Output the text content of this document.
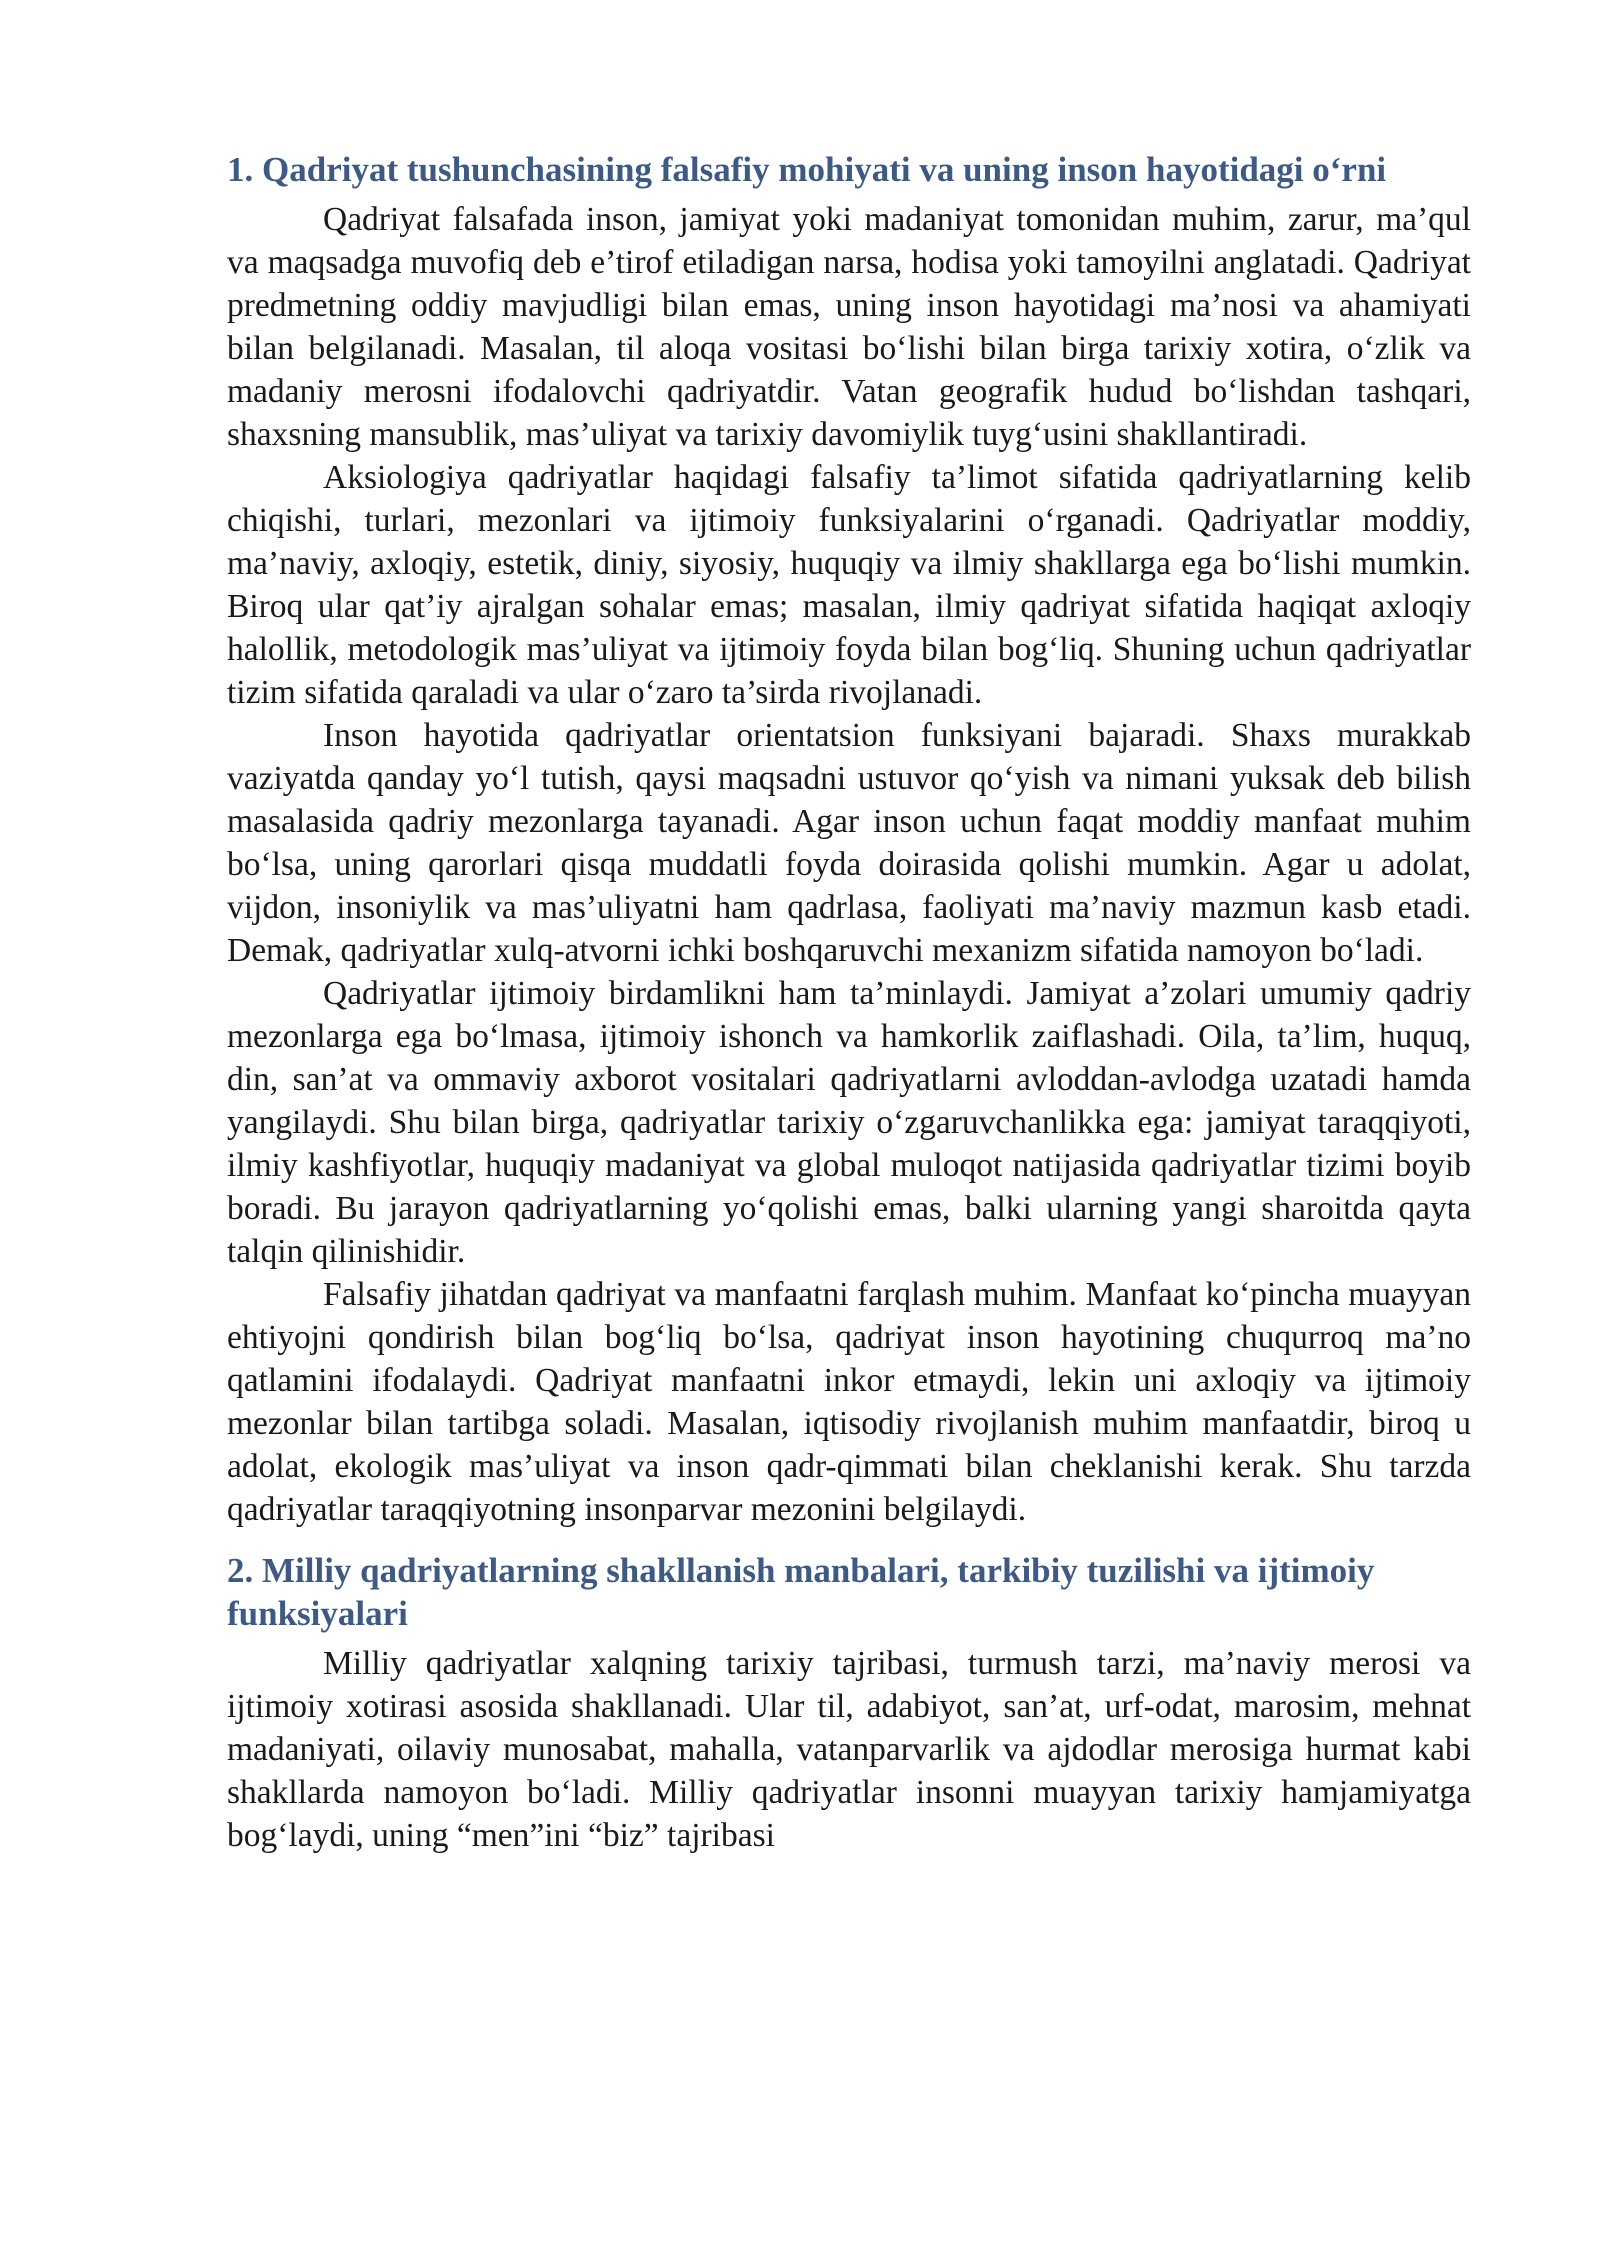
1. Qadriyat tushunchasining falsafiy mohiyati va uning inson hayotidagi o‘rni

Qadriyat falsafada inson, jamiyat yoki madaniyat tomonidan muhim, zarur, ma’qul va maqsadga muvofiq deb e’tirof etiladigan narsa, hodisa yoki tamoyilni anglatadi. Qadriyat predmetning oddiy mavjudligi bilan emas, uning inson hayotidagi ma’nosi va ahamiyati bilan belgilanadi. Masalan, til aloqa vositasi bo‘lishi bilan birga tarixiy xotira, o‘zlik va madaniy merosni ifodalovchi qadriyatdir. Vatan geografik hudud bo‘lishdan tashqari, shaxsning mansublik, mas’uliyat va tarixiy davomiylik tuyg‘usini shakllantiradi.

Aksiologiya qadriyatlar haqidagi falsafiy ta’limot sifatida qadriyatlarning kelib chiqishi, turlari, mezonlari va ijtimoiy funksiyalarini o‘rganadi. Qadriyatlar moddiy, ma’naviy, axloqiy, estetik, diniy, siyosiy, huquqiy va ilmiy shakllarga ega bo‘lishi mumkin. Biroq ular qat’iy ajralgan sohalar emas; masalan, ilmiy qadriyat sifatida haqiqat axloqiy halollik, metodologik mas’uliyat va ijtimoiy foyda bilan bog‘liq. Shuning uchun qadriyatlar tizim sifatida qaraladi va ular o‘zaro ta’sirda rivojlanadi.

Inson hayotida qadriyatlar orientatsion funksiyani bajaradi. Shaxs murakkab vaziyatda qanday yo‘l tutish, qaysi maqsadni ustuvor qo‘yish va nimani yuksak deb bilish masalasida qadriy mezonlarga tayanadi. Agar inson uchun faqat moddiy manfaat muhim bo‘lsa, uning qarorlari qisqa muddatli foyda doirasida qolishi mumkin. Agar u adolat, vijdon, insoniylik va mas’uliyatni ham qadrlasa, faoliyati ma’naviy mazmun kasb etadi. Demak, qadriyatlar xulq-atvorni ichki boshqaruvchi mexanizm sifatida namoyon bo‘ladi.

Qadriyatlar ijtimoiy birdamlikni ham ta’minlaydi. Jamiyat a’zolari umumiy qadriy mezonlarga ega bo‘lmasa, ijtimoiy ishonch va hamkorlik zaiflashadi. Oila, ta’lim, huquq, din, san’at va ommaviy axborot vositalari qadriyatlarni avloddan-avlodga uzatadi hamda yangilaydi. Shu bilan birga, qadriyatlar tarixiy o‘zgaruvchanlikka ega: jamiyat taraqqiyoti, ilmiy kashfiyotlar, huquqiy madaniyat va global muloqot natijasida qadriyatlar tizimi boyib boradi. Bu jarayon qadriyatlarning yo‘qolishi emas, balki ularning yangi sharoitda qayta talqin qilinishidir.

Falsafiy jihatdan qadriyat va manfaatni farqlash muhim. Manfaat ko‘pincha muayyan ehtiyojni qondirish bilan bog‘liq bo‘lsa, qadriyat inson hayotining chuqurroq ma’no qatlamini ifodalaydi. Qadriyat manfaatni inkor etmaydi, lekin uni axloqiy va ijtimoiy mezonlar bilan tartibga soladi. Masalan, iqtisodiy rivojlanish muhim manfaatdir, biroq u adolat, ekologik mas’uliyat va inson qadr-qimmati bilan cheklanishi kerak. Shu tarzda qadriyatlar taraqqiyotning insonparvar mezonini belgilaydi.

2. Milliy qadriyatlarning shakllanish manbalari, tarkibiy tuzilishi va ijtimoiy funksiyalari

Milliy qadriyatlar xalqning tarixiy tajribasi, turmush tarzi, ma’naviy merosi va ijtimoiy xotirasi asosida shakllanadi. Ular til, adabiyot, san’at, urf-odat, marosim, mehnat madaniyati, oilaviy munosabat, mahalla, vatanparvarlik va ajdodlar merosiga hurmat kabi shakllarda namoyon bo‘ladi. Milliy qadriyatlar insonni muayyan tarixiy hamjamiyatga bog‘laydi, uning “men”ini “biz” tajribasi
